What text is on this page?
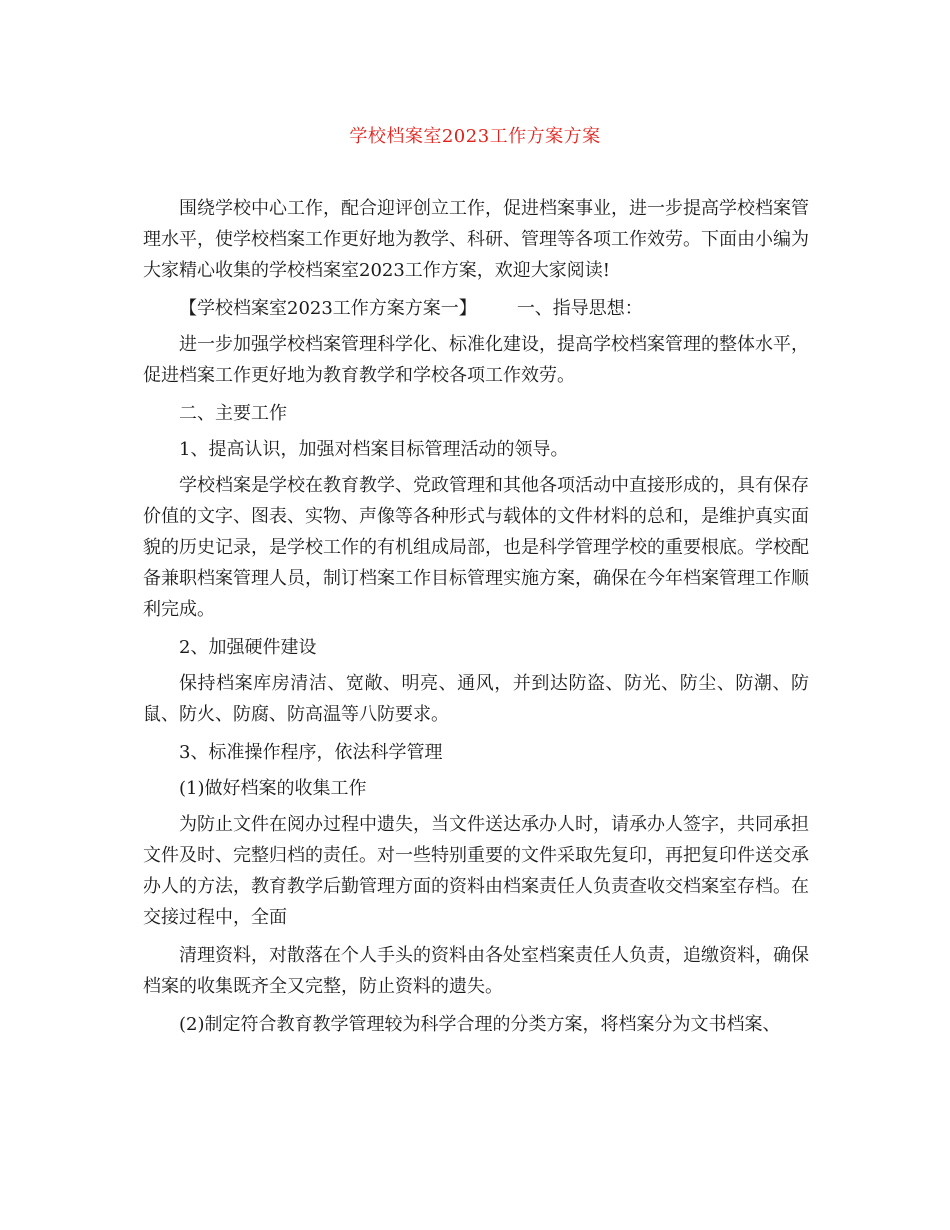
学校档案室2023工作方案方案

围绕学校中心工作，配合迎评创立工作，促进档案事业，进一步提高学校档案管理水平，使学校档案工作更好地为教学、科研、管理等各项工作效劳。下面由小编为大家精心收集的学校档案室2023工作方案，欢迎大家阅读!

【学校档案室2023工作方案方案一】 一、指导思想：

进一步加强学校档案管理科学化、标准化建设，提高学校档案管理的整体水平，促进档案工作更好地为教育教学和学校各项工作效劳。

二、主要工作

1、提高认识，加强对档案目标管理活动的领导。

学校档案是学校在教育教学、党政管理和其他各项活动中直接形成的，具有保存价值的文字、图表、实物、声像等各种形式与载体的文件材料的总和，是维护真实面貌的历史记录，是学校工作的有机组成局部，也是科学管理学校的重要根底。学校配备兼职档案管理人员，制订档案工作目标管理实施方案，确保在今年档案管理工作顺利完成。

2、加强硬件建设

保持档案库房清洁、宽敞、明亮、通风，并到达防盗、防光、防尘、防潮、防鼠、防火、防腐、防高温等八防要求。

3、标准操作程序，依法科学管理

(1)做好档案的收集工作

为防止文件在阅办过程中遗失，当文件送达承办人时，请承办人签字，共同承担文件及时、完整归档的责任。对一些特别重要的文件采取先复印，再把复印件送交承办人的方法，教育教学后勤管理方面的资料由档案责任人负责查收交档案室存档。在交接过程中，全面

清理资料，对散落在个人手头的资料由各处室档案责任人负责，追缴资料，确保档案的收集既齐全又完整，防止资料的遗失。

(2)制定符合教育教学管理较为科学合理的分类方案，将档案分为文书档案、
